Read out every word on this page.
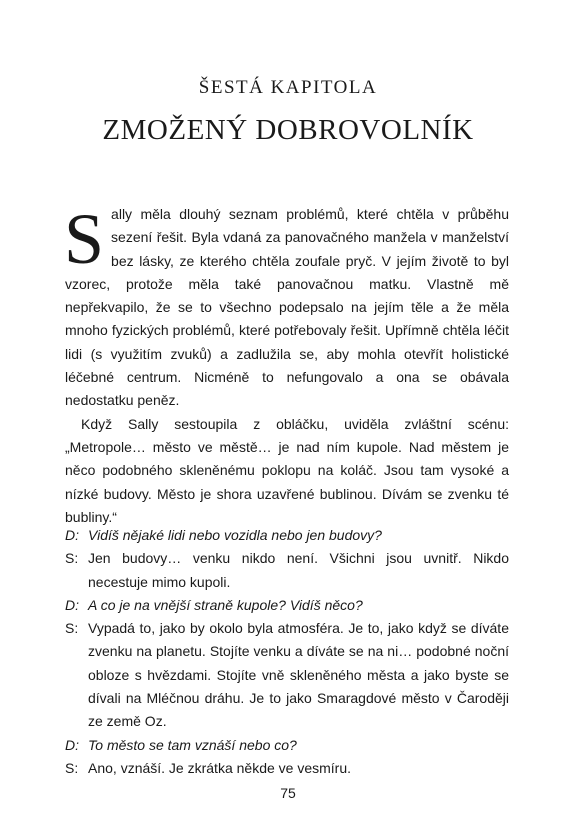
ŠESTÁ KAPITOLA
ZMOŽENÝ DOBROVOLNÍK

Sally měla dlouhý seznam problémů, které chtěla v průběhu sezení řešit. Byla vdaná za panovačného manžela v manželství bez lásky, ze kterého chtěla zoufale pryč. V jejím životě to byl vzorec, protože měla také panovačnou matku. Vlastně mě nepřekvapilo, že se to všechno podepsalo na jejím těle a že měla mnoho fyzických problémů, které potřebovaly řešit. Upřímně chtěla léčit lidi (s využitím zvuků) a zadlužila se, aby mohla otevřít holistické léčebné centrum. Nicméně to nefungovalo a ona se obávala nedostatku peněz.

Když Sally sestoupila z obláčku, uviděla zvláštní scénu: „Metropole… město ve městě… je nad ním kupole. Nad městem je něco podobného skleněnému poklopu na koláč. Jsou tam vysoké a nízké budovy. Město je shora uzavřené bublinou. Dívám se zvenku té bubliny.“

D: Vidíš nějaké lidi nebo vozidla nebo jen budovy?
S: Jen budovy… venku nikdo není. Všichni jsou uvnitř. Nikdo necestuje mimo kupoli.
D: A co je na vnější straně kupole? Vidíš něco?
S: Vypadá to, jako by okolo byla atmosféra. Je to, jako když se díváte zvenku na planetu. Stojíte venku a díváte se na ni… podobné noční obloze s hvězdami. Stojíte vně skleněného města a jako byste se dívali na Mléčnou dráhu. Je to jako Smaragdové město v Čaroději ze země Oz.
D: To město se tam vznáší nebo co?
S: Ano, vznáší. Je zkrátka někde ve vesmíru.
75
